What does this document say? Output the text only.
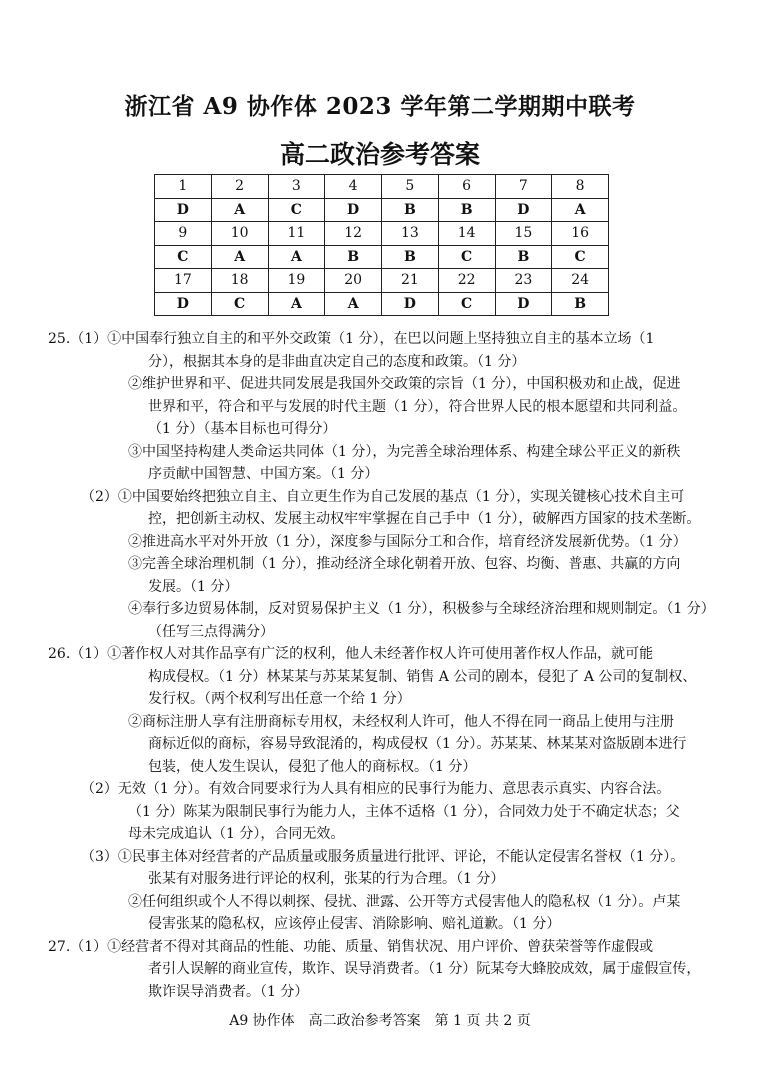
浙江省 A9 协作体 2023 学年第二学期期中联考
高二政治参考答案
1	2	3	4	5	6	7	8
D	A	C	D	B	B	D	A
9	10	11	12	13	14	15	16
C	A	A	B	B	C	B	C
17	18	19	20	21	22	23	24
D	C	A	A	D	C	D	B
25.（1）①中国奉行独立自主的和平外交政策（1 分），在巴以问题上坚持独立自主的基本立场（1
分），根据其本身的是非曲直决定自己的态度和政策。（1 分）
②维护世界和平、促进共同发展是我国外交政策的宗旨（1 分），中国积极劝和止战，促进
世界和平，符合和平与发展的时代主题（1 分），符合世界人民的根本愿望和共同利益。
（1 分）（基本目标也可得分）
③中国坚持构建人类命运共同体（1 分），为完善全球治理体系、构建全球公平正义的新秩
序贡献中国智慧、中国方案。（1 分）
（2）①中国要始终把独立自主、自立更生作为自己发展的基点（1 分），实现关键核心技术自主可
控，把创新主动权、发展主动权牢牢掌握在自己手中（1 分），破解西方国家的技术垄断。
②推进高水平对外开放（1 分），深度参与国际分工和合作，培育经济发展新优势。（1 分）
③完善全球治理机制（1 分），推动经济全球化朝着开放、包容、均衡、普惠、共赢的方向
发展。（1 分）
④奉行多边贸易体制，反对贸易保护主义（1 分），积极参与全球经济治理和规则制定。（1 分）
（任写三点得满分）
26.（1）①著作权人对其作品享有广泛的权利，他人未经著作权人许可使用著作权人作品，就可能
构成侵权。（1 分）林某某与苏某某复制、销售 A 公司的剧本，侵犯了 A 公司的复制权、
发行权。（两个权利写出任意一个给 1 分）
②商标注册人享有注册商标专用权，未经权利人许可，他人不得在同一商品上使用与注册
商标近似的商标，容易导致混淆的，构成侵权（1 分）。苏某某、林某某对盗版剧本进行
包装，使人发生误认，侵犯了他人的商标权。（1 分）
（2）无效（1 分）。有效合同要求行为人具有相应的民事行为能力、意思表示真实、内容合法。
（1 分）陈某为限制民事行为能力人，主体不适格（1 分），合同效力处于不确定状态；父
母未完成追认（1 分），合同无效。
（3）①民事主体对经营者的产品质量或服务质量进行批评、评论，不能认定侵害名誉权（1 分）。
张某有对服务进行评论的权利，张某的行为合理。（1 分）
②任何组织或个人不得以刺探、侵扰、泄露、公开等方式侵害他人的隐私权（1 分）。卢某
侵害张某的隐私权，应该停止侵害、消除影响、赔礼道歉。（1 分）
27.（1）①经营者不得对其商品的性能、功能、质量、销售状况、用户评价、曾获荣誉等作虚假或
者引人误解的商业宣传，欺诈、误导消费者。（1 分）阮某夸大蜂胶成效，属于虚假宣传，
欺诈误导消费者。（1 分）
A9 协作体　高二政治参考答案　第 1 页 共 2 页
